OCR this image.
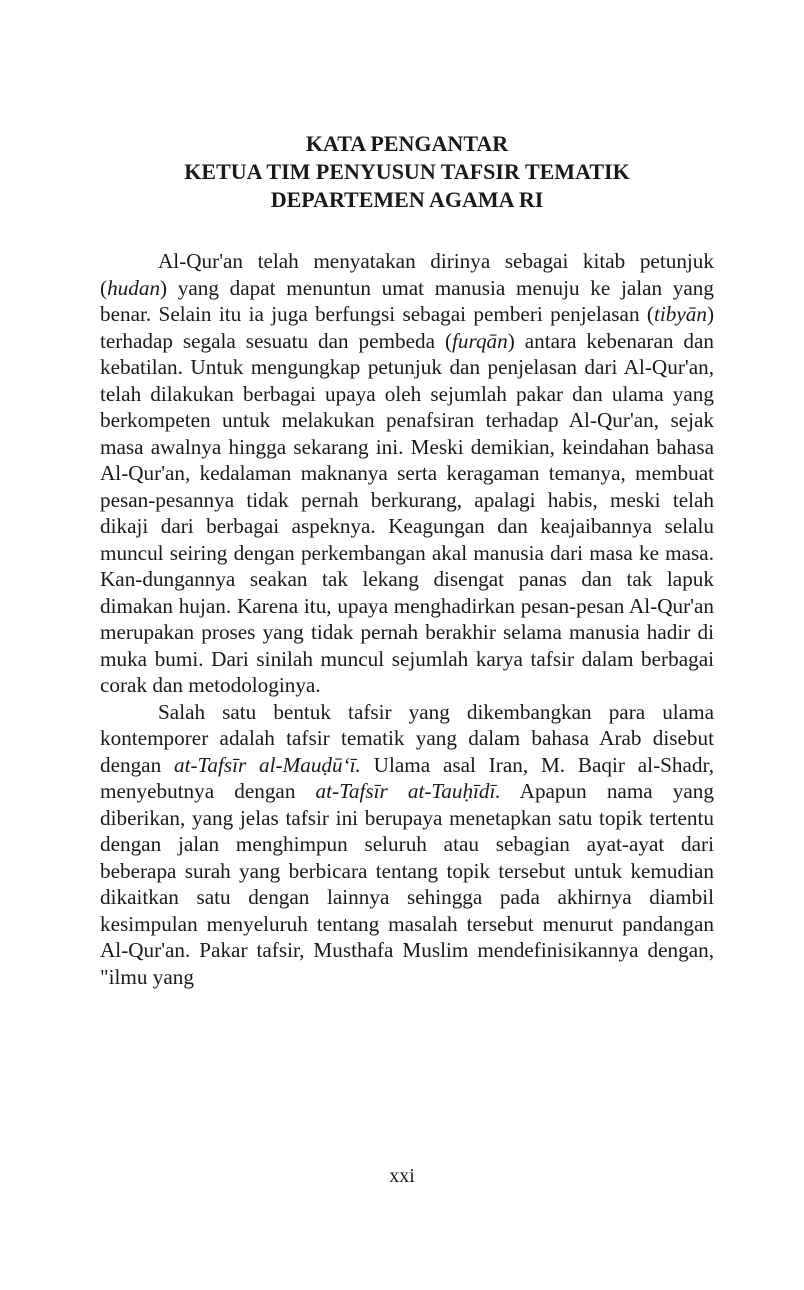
KATA PENGANTAR
KETUA TIM PENYUSUN TAFSIR TEMATIK
DEPARTEMEN AGAMA RI

Al-Qur'an telah menyatakan dirinya sebagai kitab petunjuk (hudan) yang dapat menuntun umat manusia menuju ke jalan yang benar. Selain itu ia juga berfungsi sebagai pemberi penjelasan (tibyān) terhadap segala sesuatu dan pembeda (furqān) antara kebenaran dan kebatilan. Untuk mengungkap petunjuk dan penjelasan dari Al-Qur'an, telah dilakukan berbagai upaya oleh sejumlah pakar dan ulama yang berkompeten untuk melakukan penafsiran terhadap Al-Qur'an, sejak masa awalnya hingga sekarang ini. Meski demikian, keindahan bahasa Al-Qur'an, kedalaman maknanya serta keragaman temanya, membuat pesan-pesannya tidak pernah berkurang, apalagi habis, meski telah dikaji dari berbagai aspeknya. Keagungan dan keajaibannya selalu muncul seiring dengan perkembangan akal manusia dari masa ke masa. Kan-dungannya seakan tak lekang disengat panas dan tak lapuk dimakan hujan. Karena itu, upaya menghadirkan pesan-pesan Al-Qur'an merupakan proses yang tidak pernah berakhir selama manusia hadir di muka bumi. Dari sinilah muncul sejumlah karya tafsir dalam berbagai corak dan metodologinya.

Salah satu bentuk tafsir yang dikembangkan para ulama kontemporer adalah tafsir tematik yang dalam bahasa Arab disebut dengan at-Tafsīr al-Mauḍū‘ī. Ulama asal Iran, M. Baqir al-Shadr, menyebutnya dengan at-Tafsīr at-Tauḥīdī. Apapun nama yang diberikan, yang jelas tafsir ini berupaya menetapkan satu topik tertentu dengan jalan menghimpun seluruh atau sebagian ayat-ayat dari beberapa surah yang berbicara tentang topik tersebut untuk kemudian dikaitkan satu dengan lainnya sehingga pada akhirnya diambil kesimpulan menyeluruh tentang masalah tersebut menurut pandangan Al-Qur'an. Pakar tafsir, Musthafa Muslim mendefinisikannya dengan, "ilmu yang

xxi
